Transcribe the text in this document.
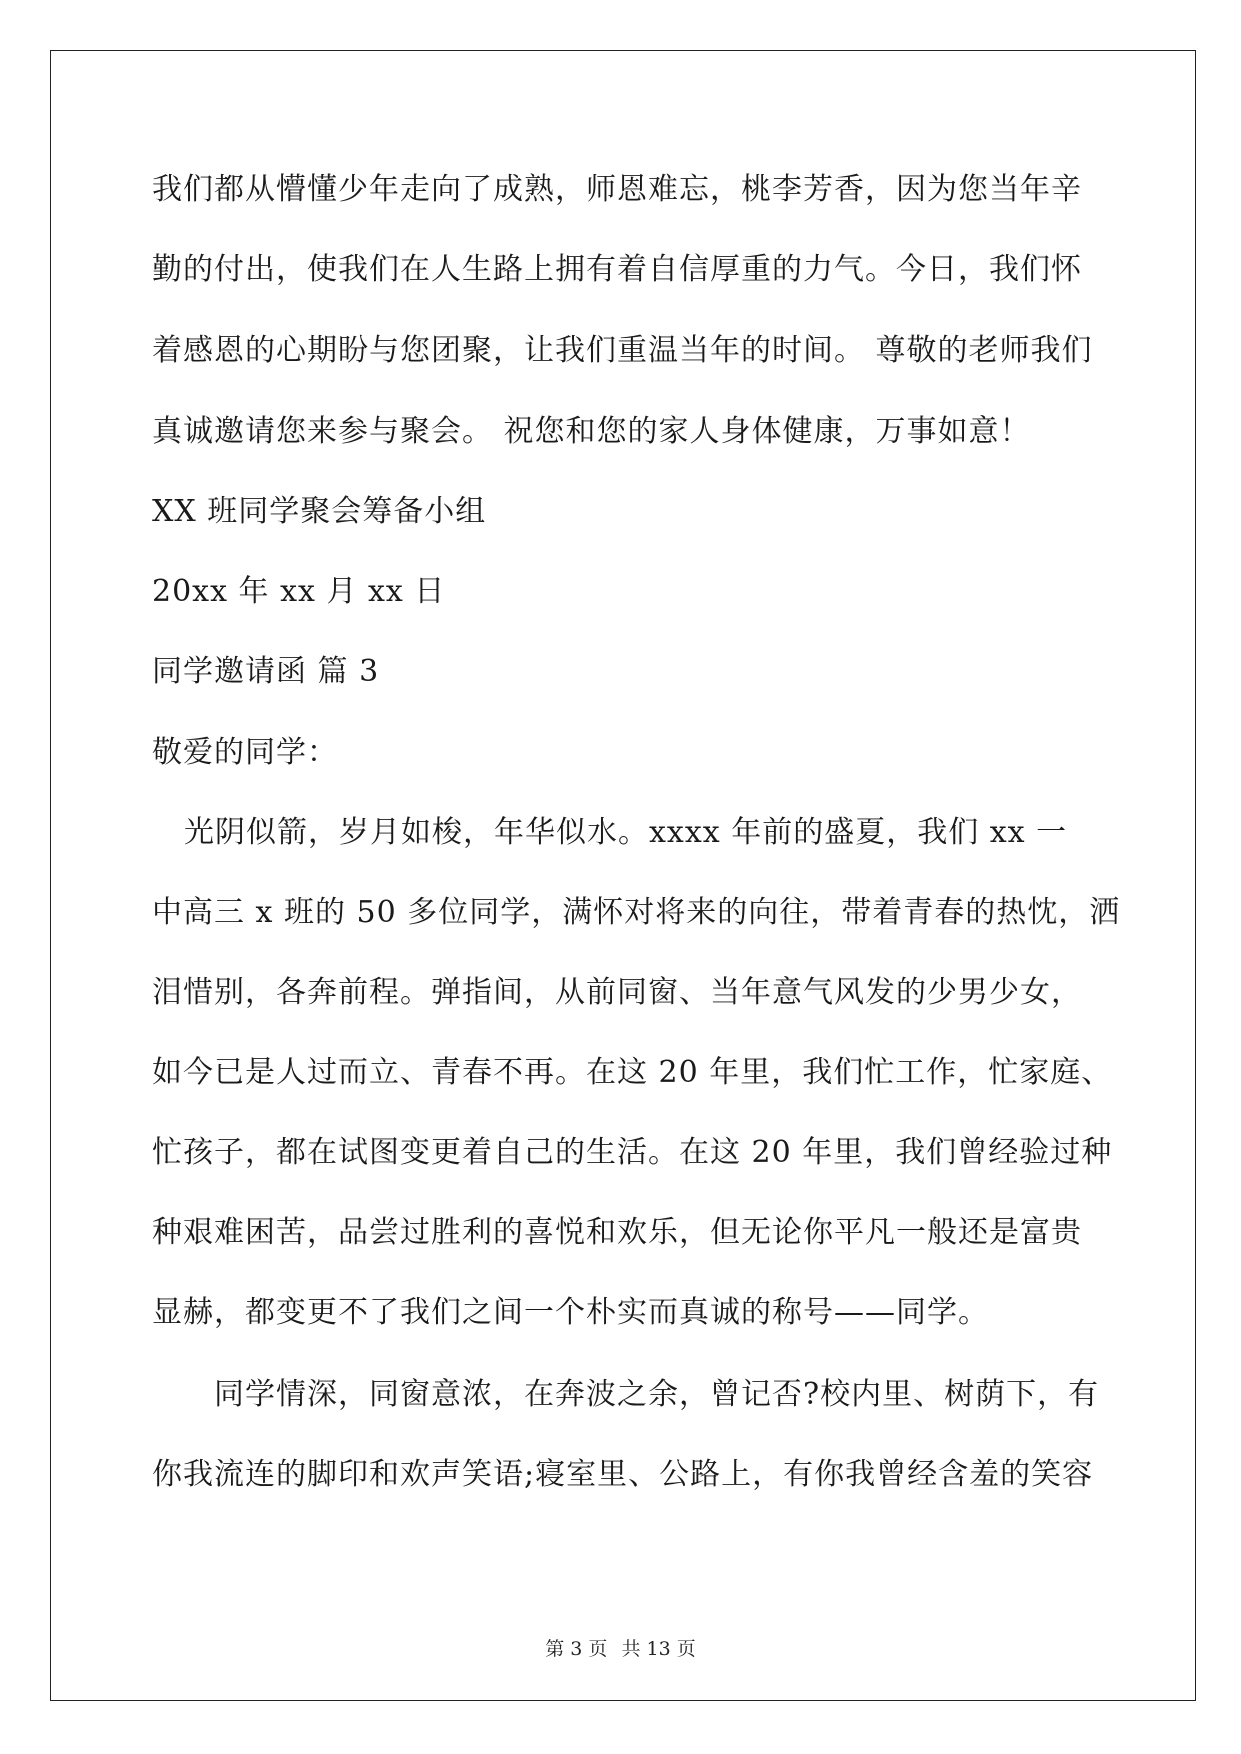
我们都从懵懂少年走向了成熟，师恩难忘，桃李芳香，因为您当年辛
勤的付出，使我们在人生路上拥有着自信厚重的力气。今日，我们怀
着感恩的心期盼与您团聚，让我们重温当年的时间。 尊敬的老师我们
真诚邀请您来参与聚会。 祝您和您的家人身体健康，万事如意！
XX 班同学聚会筹备小组
20xx 年 xx 月 xx 日
同学邀请函 篇 3
敬爱的同学：
光阴似箭，岁月如梭，年华似水。xxxx 年前的盛夏，我们 xx 一
中高三 x 班的 50 多位同学，满怀对将来的向往，带着青春的热忱，洒
泪惜别，各奔前程。弹指间，从前同窗、当年意气风发的少男少女，
如今已是人过而立、青春不再。在这 20 年里，我们忙工作，忙家庭、
忙孩子，都在试图变更着自己的生活。在这 20 年里，我们曾经验过种
种艰难困苦，品尝过胜利的喜悦和欢乐，但无论你平凡一般还是富贵
显赫，都变更不了我们之间一个朴实而真诚的称号——同学。
同学情深，同窗意浓，在奔波之余，曾记否?校内里、树荫下，有
你我流连的脚印和欢声笑语;寝室里、公路上，有你我曾经含羞的笑容
第 3 页 共 13 页
